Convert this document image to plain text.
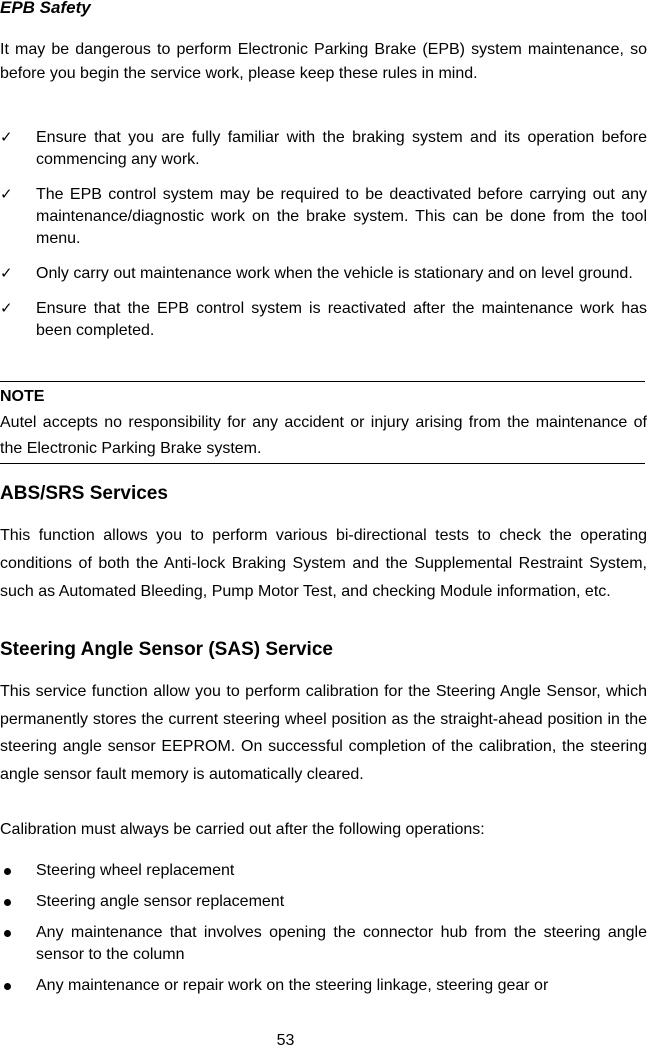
EPB Safety

It may be dangerous to perform Electronic Parking Brake (EPB) system maintenance, so before you begin the service work, please keep these rules in mind.

✓ Ensure that you are fully familiar with the braking system and its operation before commencing any work.
✓ The EPB control system may be required to be deactivated before carrying out any maintenance/diagnostic work on the brake system. This can be done from the tool menu.
✓ Only carry out maintenance work when the vehicle is stationary and on level ground.
✓ Ensure that the EPB control system is reactivated after the maintenance work has been completed.

NOTE

Autel accepts no responsibility for any accident or injury arising from the maintenance of the Electronic Parking Brake system.

ABS/SRS Services

This function allows you to perform various bi-directional tests to check the operating conditions of both the Anti-lock Braking System and the Supplemental Restraint System, such as Automated Bleeding, Pump Motor Test, and checking Module information, etc.

Steering Angle Sensor (SAS) Service

This service function allow you to perform calibration for the Steering Angle Sensor, which permanently stores the current steering wheel position as the straight-ahead position in the steering angle sensor EEPROM. On successful completion of the calibration, the steering angle sensor fault memory is automatically cleared.

Calibration must always be carried out after the following operations:

Steering wheel replacement
Steering angle sensor replacement
Any maintenance that involves opening the connector hub from the steering angle sensor to the column
Any maintenance or repair work on the steering linkage, steering gear or
53
